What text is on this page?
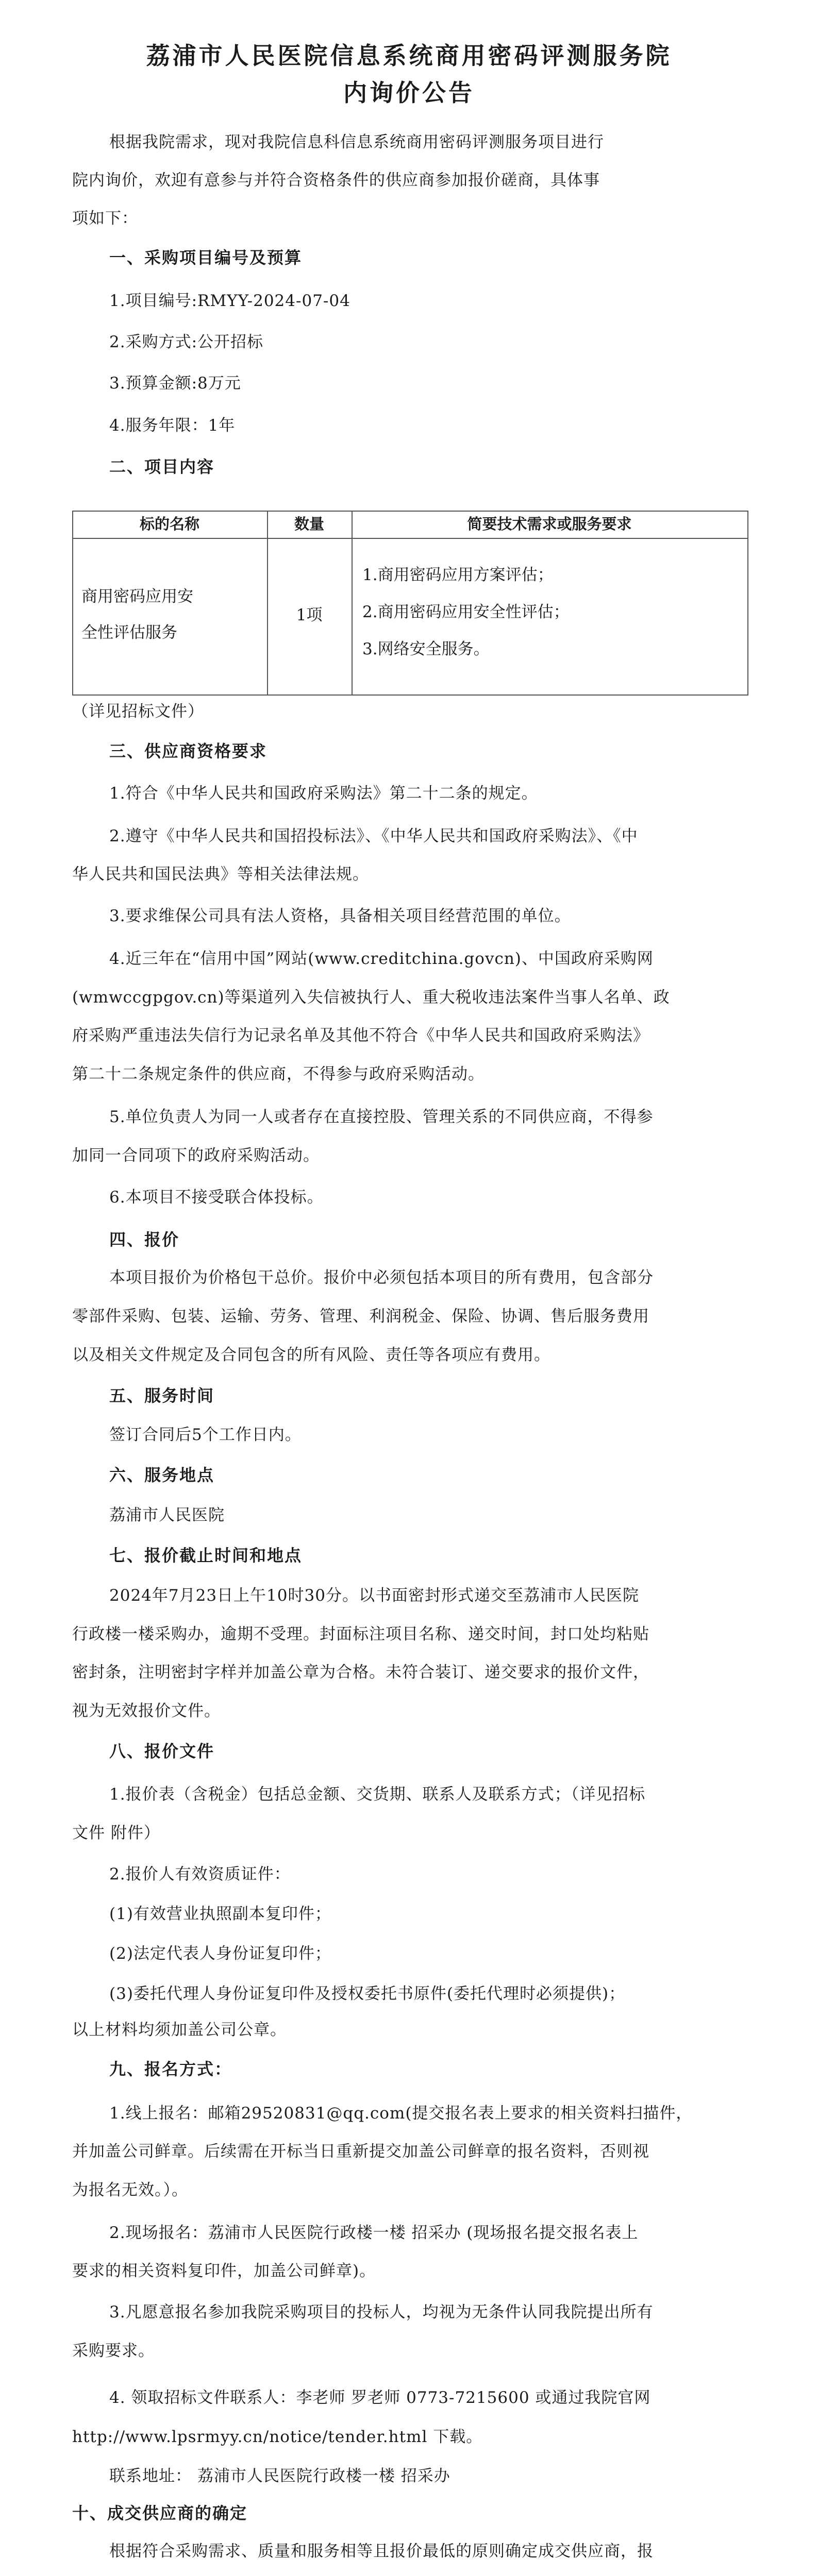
荔浦市人民医院信息系统商用密码评测服务院
内询价公告
根据我院需求，现对我院信息科信息系统商用密码评测服务项目进行
院内询价，欢迎有意参与并符合资格条件的供应商参加报价磋商，具体事
项如下：
一、采购项目编号及预算
1.项目编号:RMYY-2024-07-04
2.采购方式:公开招标
3.预算金额:8万元
4.服务年限：1年
二、项目内容
标的名称	数量	简要技术需求或服务要求
商用密码应用安
全性评估服务
1项
1.商用密码应用方案评估；
2.商用密码应用安全性评估；
3.网络安全服务。
（详见招标文件）
三、供应商资格要求
1.符合《中华人民共和国政府采购法》第二十二条的规定。
2.遵守《中华人民共和国招投标法》、《中华人民共和国政府采购法》、《中
华人民共和国民法典》等相关法律法规。
3.要求维保公司具有法人资格，具备相关项目经营范围的单位。
4.近三年在“信用中国”网站(www.creditchina.govcn)、中国政府采购网
(wmwccgpgov.cn)等渠道列入失信被执行人、重大税收违法案件当事人名单、政
府采购严重违法失信行为记录名单及其他不符合《中华人民共和国政府采购法》
第二十二条规定条件的供应商，不得参与政府采购活动。
5.单位负责人为同一人或者存在直接控股、管理关系的不同供应商，不得参
加同一合同项下的政府采购活动。
6.本项目不接受联合体投标。
四、报价
本项目报价为价格包干总价。报价中必须包括本项目的所有费用，包含部分
零部件采购、包装、运输、劳务、管理、利润税金、保险、协调、售后服务费用
以及相关文件规定及合同包含的所有风险、责任等各项应有费用。
五、服务时间
签订合同后5个工作日内。
六、服务地点
荔浦市人民医院
七、报价截止时间和地点
2024年7月23日上午10时30分。以书面密封形式递交至荔浦市人民医院
行政楼一楼采购办，逾期不受理。封面标注项目名称、递交时间，封口处均粘贴
密封条，注明密封字样并加盖公章为合格。未符合装订、递交要求的报价文件，
视为无效报价文件。
八、报价文件
1.报价表（含税金）包括总金额、交货期、联系人及联系方式；（详见招标
文件 附件）
2.报价人有效资质证件：
(1)有效营业执照副本复印件；
(2)法定代表人身份证复印件；
(3)委托代理人身份证复印件及授权委托书原件(委托代理时必须提供)；
以上材料均须加盖公司公章。
九、报名方式：
1.线上报名：邮箱29520831@qq.com(提交报名表上要求的相关资料扫描件，
并加盖公司鲜章。后续需在开标当日重新提交加盖公司鲜章的报名资料，否则视
为报名无效。）。
2.现场报名：荔浦市人民医院行政楼一楼 招采办 (现场报名提交报名表上
要求的相关资料复印件，加盖公司鲜章)。
3.凡愿意报名参加我院采购项目的投标人，均视为无条件认同我院提出所有
采购要求。
4. 领取招标文件联系人：李老师 罗老师 0773-7215600 或通过我院官网
http://www.lpsrmyy.cn/notice/tender.html 下载。
联系地址： 荔浦市人民医院行政楼一楼 招采办
十、成交供应商的确定
根据符合采购需求、质量和服务相等且报价最低的原则确定成交供应商，报
